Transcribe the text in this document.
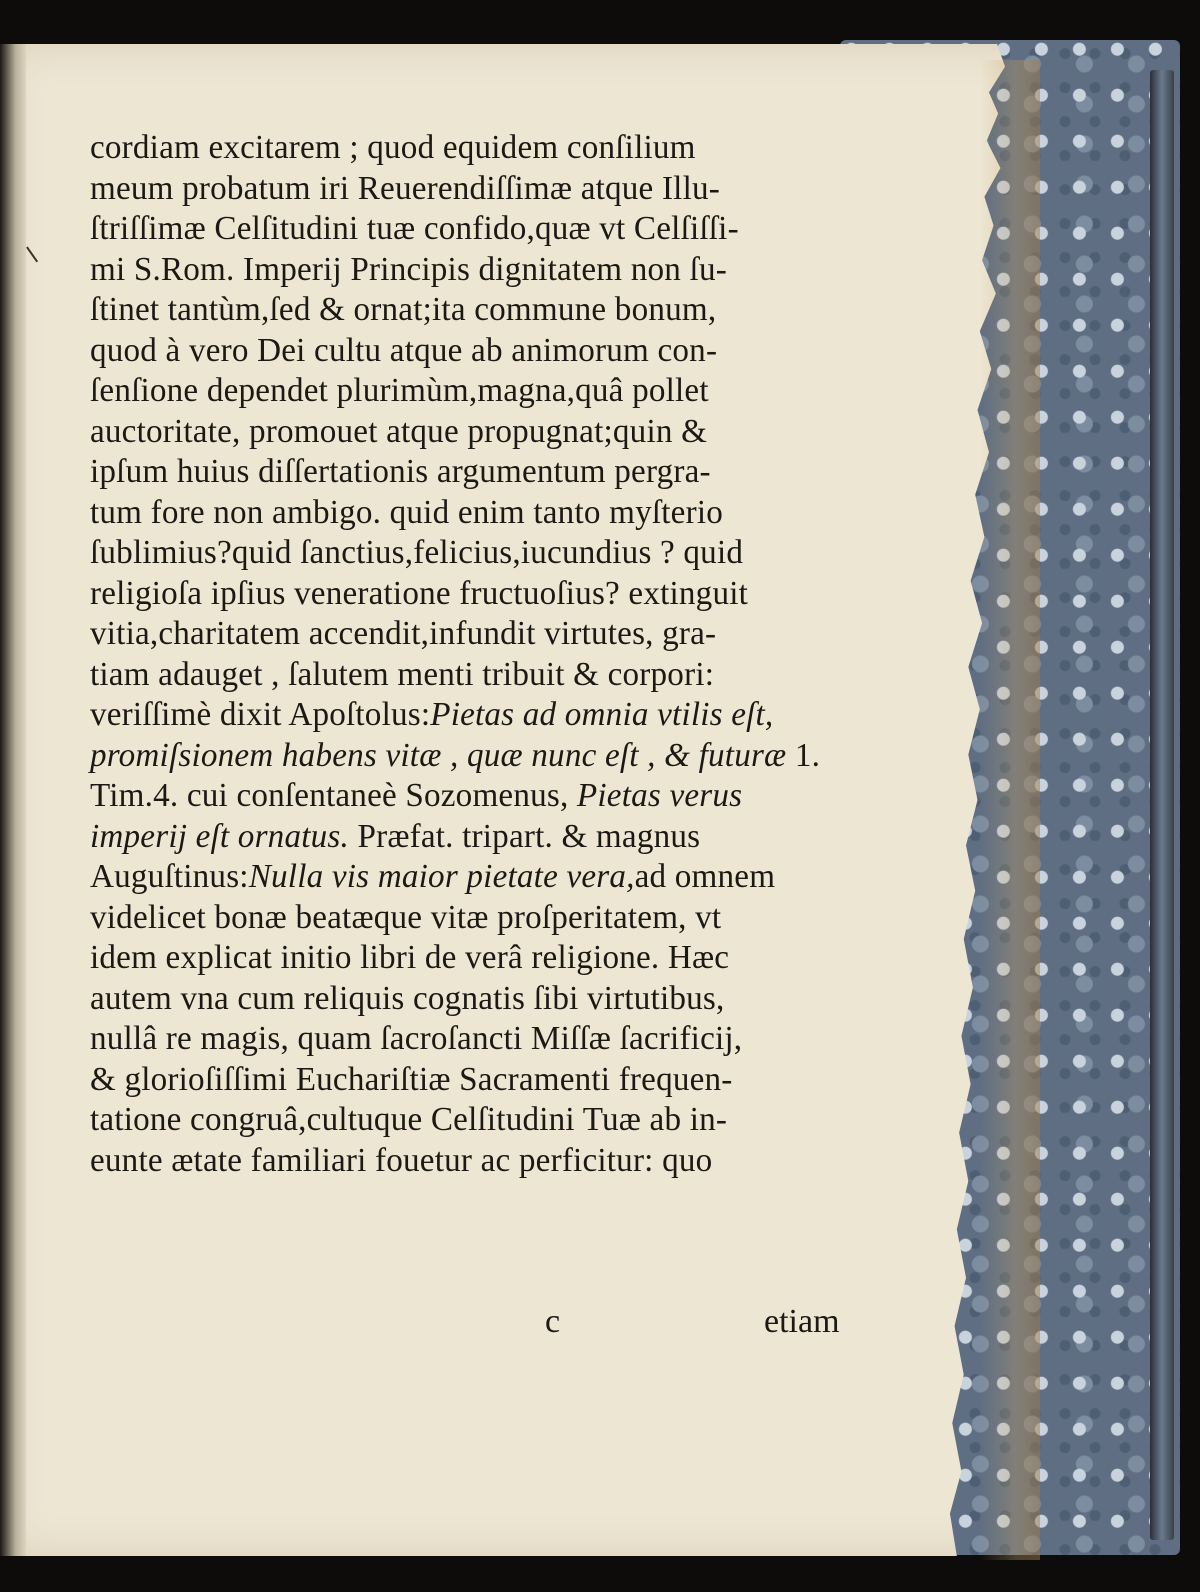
cordiam excitarem ; quod equidem conſilium
meum probatum iri Reuerendiſſimæ atque Illu-
ſtriſſimæ Celſitudini tuæ confido,quæ vt Celſiſſi-
mi S.Rom. Imperij Principis dignitatem non ſu-
ſtinet tantùm,ſed & ornat;ita commune bonum,
quod à vero Dei cultu atque ab animorum con-
ſenſione dependet plurimùm,magna,quâ pollet
auctoritate, promouet atque propugnat;quin &
ipſum huius diſſertationis argumentum pergra-
tum fore non ambigo. quid enim tanto myſterio
ſublimius?quid ſanctius,felicius,iucundius ? quid
religioſa ipſius veneratione fructuoſius? extinguit
vitia,charitatem accendit,infundit virtutes, gra-
tiam adauget , ſalutem menti tribuit & corpori:
veriſſimè dixit Apoſtolus:Pietas ad omnia vtilis eſt,
promiſsionem habens vitæ , quæ nunc eſt , & futuræ 1.
Tim.4. cui conſentaneè Sozomenus, Pietas verus
imperij eſt ornatus. Præfat. tripart. & magnus
Auguſtinus:Nulla vis maior pietate vera,ad omnem
videlicet bonæ beatæque vitæ proſperitatem, vt
idem explicat initio libri de verâ religione. Hæc
autem vna cum reliquis cognatis ſibi virtutibus,
nullâ re magis, quam ſacroſancti Miſſæ ſacrificij,
& glorioſiſſimi Euchariſtiæ Sacramenti frequen-
tatione congruâ,cultuque Celſitudini Tuæ ab in-
eunte ætate familiari fouetur ac perficitur: quo
c	etiam
